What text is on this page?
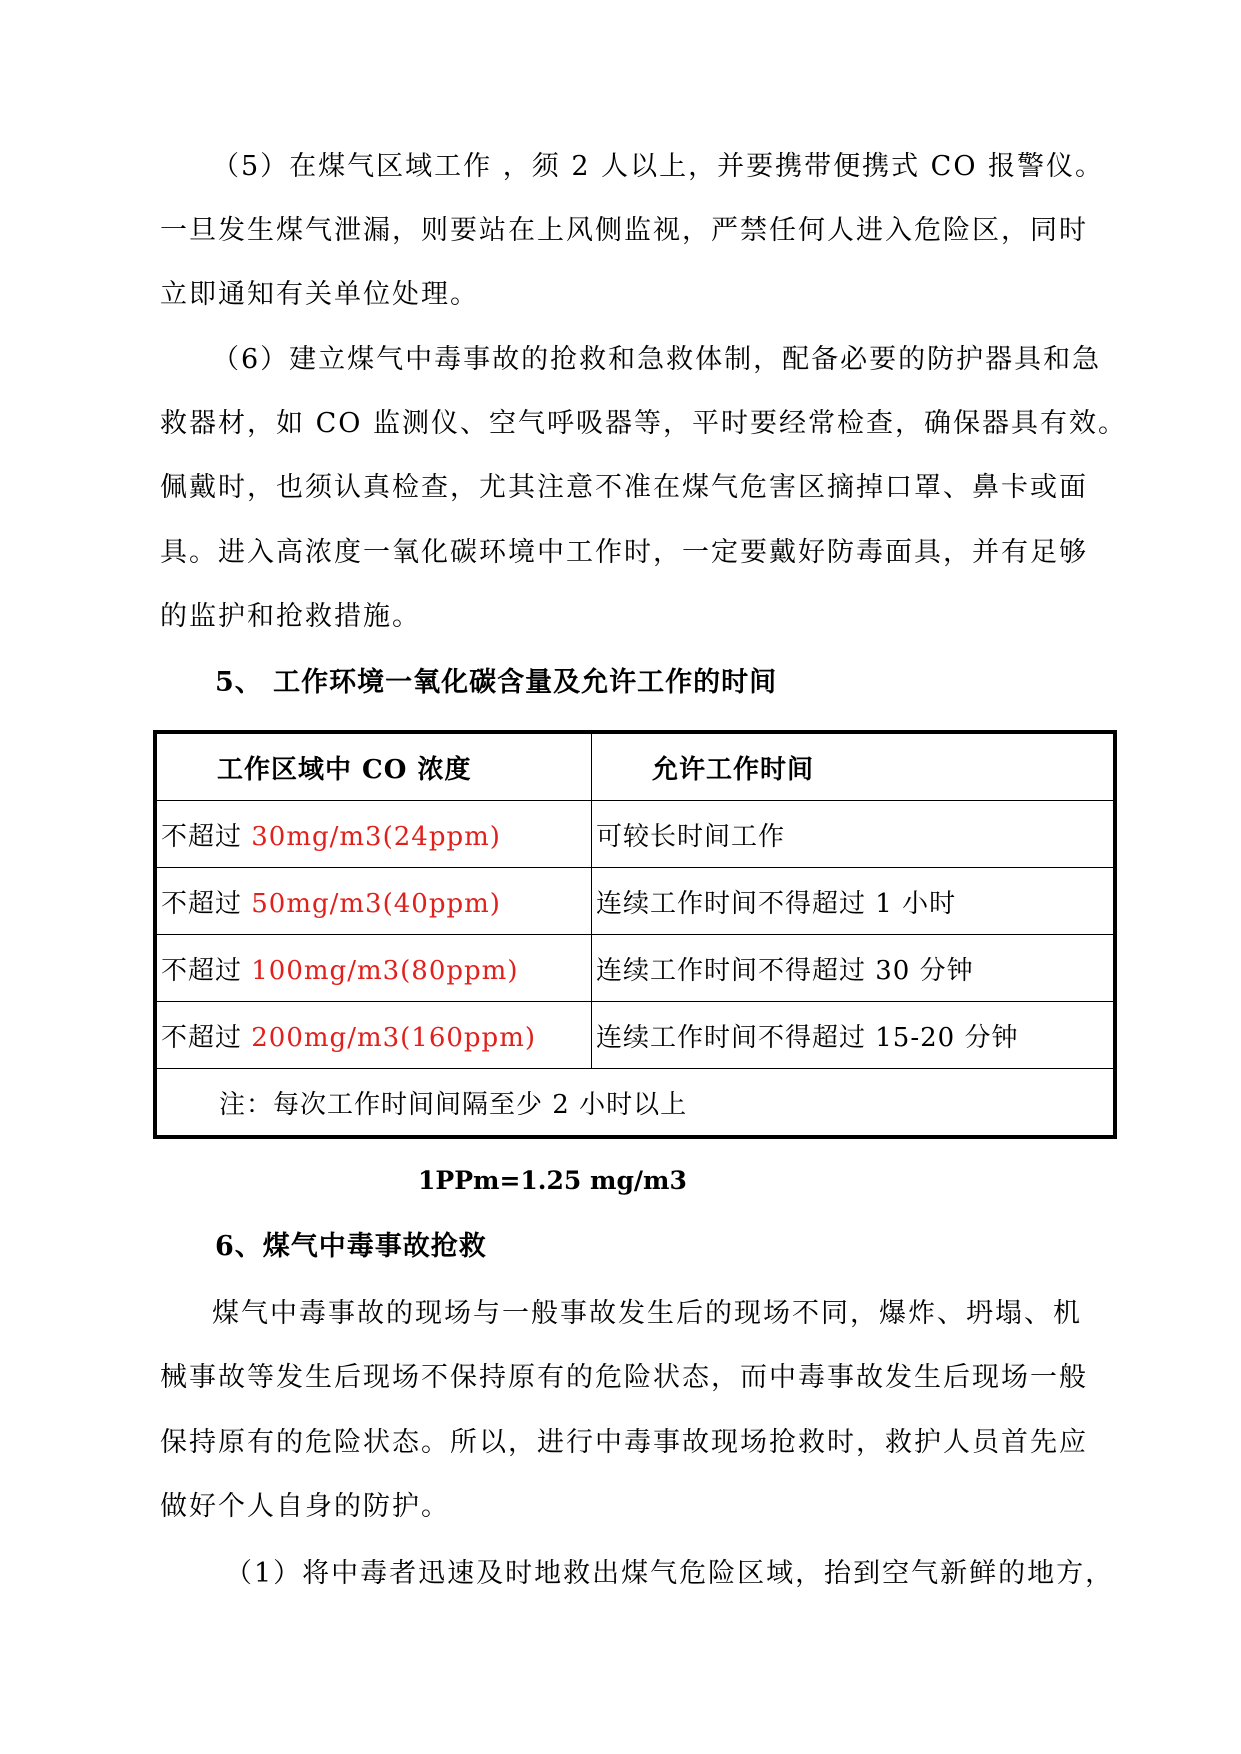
（5）在煤气区域工作 ，须 2 人以上，并要携带便携式 CO 报警仪。
一旦发生煤气泄漏，则要站在上风侧监视，严禁任何人进入危险区，同时
立即通知有关单位处理。
（6）建立煤气中毒事故的抢救和急救体制，配备必要的防护器具和急
救器材，如 CO 监测仪、空气呼吸器等，平时要经常检查，确保器具有效。
佩戴时，也须认真检查，尤其注意不准在煤气危害区摘掉口罩、鼻卡或面
具。进入高浓度一氧化碳环境中工作时，一定要戴好防毒面具，并有足够
的监护和抢救措施。
5、 工作环境一氧化碳含量及允许工作的时间
工作区域中 CO 浓度	允许工作时间
不超过 30mg/m3(24ppm)	可较长时间工作
不超过 50mg/m3(40ppm)	连续工作时间不得超过 1 小时
不超过 100mg/m3(80ppm)	连续工作时间不得超过 30 分钟
不超过 200mg/m3(160ppm)	连续工作时间不得超过 15-20 分钟
注：每次工作时间间隔至少 2 小时以上	
1PPm=1.25 mg/m3
6、煤气中毒事故抢救
煤气中毒事故的现场与一般事故发生后的现场不同，爆炸、坍塌、机
械事故等发生后现场不保持原有的危险状态，而中毒事故发生后现场一般
保持原有的危险状态。所以，进行中毒事故现场抢救时，救护人员首先应
做好个人自身的防护。
（1）将中毒者迅速及时地救出煤气危险区域，抬到空气新鲜的地方，
